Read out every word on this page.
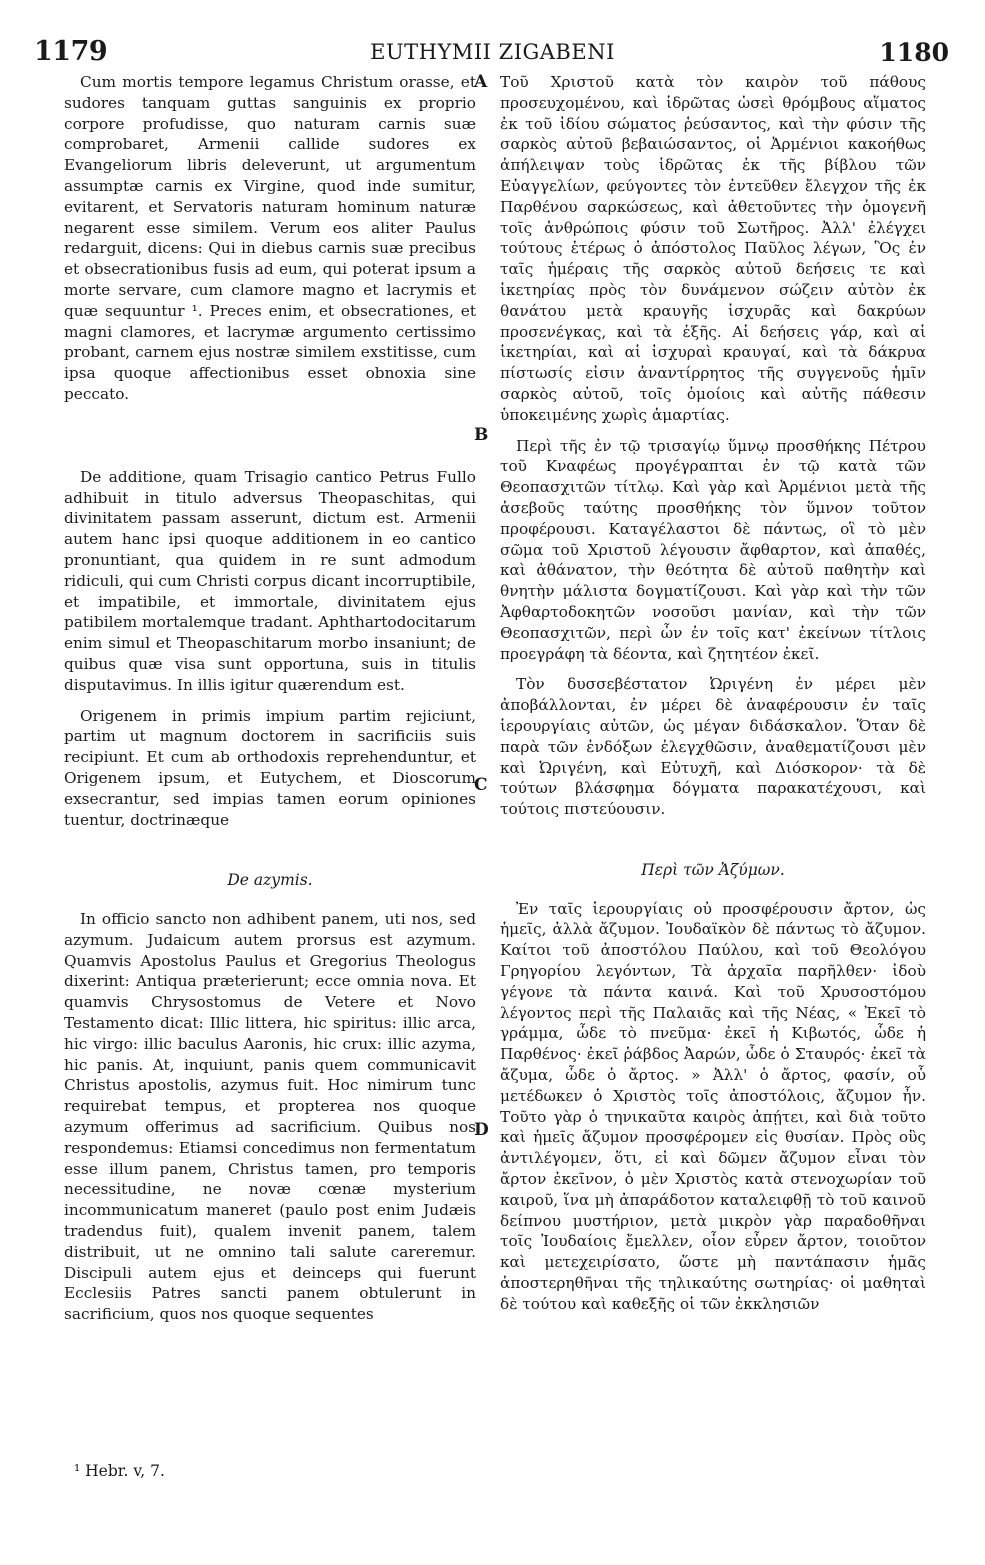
1179	EUTHYMII ZIGABENI	1180

Cum mortis tempore legamus Christum orasse, et sudores tanquam guttas sanguinis ex proprio corpore profudisse, quo naturam carnis suæ comprobaret, Armenii callide sudores ex Evangeliorum libris deleverunt, ut argumentum assumptæ carnis ex Virgine, quod inde sumitur, evitarent, et Servatoris naturam hominum naturæ negarent esse similem. Verum eos aliter Paulus redarguit, dicens: Qui in diebus carnis suæ precibus et obsecrationibus fusis ad eum, qui poterat ipsum a morte servare, cum clamore magno et lacrymis et quæ sequuntur ¹. Preces enim, et obsecrationes, et magni clamores, et lacrymæ argumento certissimo probant, carnem ejus nostræ similem exstitisse, cum ipsa quoque affectionibus esset obnoxia sine peccato.

De additione, quam Trisagio cantico Petrus Fullo adhibuit in titulo adversus Theopaschitas, qui divinitatem passam asserunt, dictum est. Armenii autem hanc ipsi quoque additionem in eo cantico pronuntiant, qua quidem in re sunt admodum ridiculi, qui cum Christi corpus dicant incorruptibile, et impatibile, et immortale, divinitatem ejus patibilem mortalemque tradant. Aphthartodocitarum enim simul et Theopaschitarum morbo insaniunt; de quibus quæ visa sunt opportuna, suis in titulis disputavimus. In illis igitur quærendum est.

Origenem in primis impium partim rejiciunt, partim ut magnum doctorem in sacrificiis suis recipiunt. Et cum ab orthodoxis reprehenduntur, et Origenem ipsum, et Eutychem, et Dioscorum exsecrantur, sed impias tamen eorum opiniones tuentur, doctrinæque

De azymis.

In officio sancto non adhibent panem, uti nos, sed azymum. Judaicum autem prorsus est azymum. Quamvis Apostolus Paulus et Gregorius Theologus dixerint: Antiqua præterierunt; ecce omnia nova. Et quamvis Chrysostomus de Vetere et Novo Testamento dicat: Illic littera, hic spiritus: illic arca, hic virgo: illic baculus Aaronis, hic crux: illic azyma, hic panis. At, inquiunt, panis quem communicavit Christus apostolis, azymus fuit. Hoc nimirum tunc requirebat tempus, et propterea nos quoque azymum offerimus ad sacrificium. Quibus nos respondemus: Etiamsi concedimus non fermentatum esse illum panem, Christus tamen, pro temporis necessitudine, ne novæ cœnæ mysterium incommunicatum maneret (paulo post enim Judæis tradendus fuit), qualem invenit panem, talem distribuit, ut ne omnino tali salute careremur. Discipuli autem ejus et deinceps qui fuerunt Ecclesiis Patres sancti panem obtulerunt in sacrificium, quos nos quoque sequentes

A
B
C
D

Τοῦ Χριστοῦ κατὰ τὸν καιρὸν τοῦ πάθους προσευχομένου, καὶ ἱδρῶτας ὡσεὶ θρόμβους αἵματος ἐκ τοῦ ἰδίου σώματος ῥεύσαντος, καὶ τὴν φύσιν τῆς σαρκὸς αὐτοῦ βεβαιώσαντος, οἱ Ἀρμένιοι κακοήθως ἀπήλειψαν τοὺς ἱδρῶτας ἐκ τῆς βίβλου τῶν Εὐαγγελίων, φεύγοντες τὸν ἐντεῦθεν ἔλεγχον τῆς ἐκ Παρθένου σαρκώσεως, καὶ ἀθετοῦντες τὴν ὁμογενῆ τοῖς ἀνθρώποις φύσιν τοῦ Σωτῆρος. Ἀλλ' ἐλέγχει τούτους ἑτέρως ὁ ἀπόστολος Παῦλος λέγων, Ὃς ἐν ταῖς ἡμέραις τῆς σαρκὸς αὐτοῦ δεήσεις τε καὶ ἱκετηρίας πρὸς τὸν δυνάμενον σώζειν αὐτὸν ἐκ θανάτου μετὰ κραυγῆς ἰσχυρᾶς καὶ δακρύων προσενέγκας, καὶ τὰ ἑξῆς. Αἱ δεήσεις γάρ, καὶ αἱ ἱκετηρίαι, καὶ αἱ ἰσχυραὶ κραυγαί, καὶ τὰ δάκρυα πίστωσίς εἰσιν ἀναντίρρητος τῆς συγγενοῦς ἡμῖν σαρκὸς αὐτοῦ, τοῖς ὁμοίοις καὶ αὐτῆς πάθεσιν ὑποκειμένης χωρὶς ἁμαρτίας.

Περὶ τῆς ἐν τῷ τρισαγίῳ ὕμνῳ προσθήκης Πέτρου τοῦ Κναφέως προγέγραπται ἐν τῷ κατὰ τῶν Θεοπασχιτῶν τίτλῳ. Καὶ γὰρ καὶ Ἀρμένιοι μετὰ τῆς ἀσεβοῦς ταύτης προσθήκης τὸν ὕμνον τοῦτον προφέρουσι. Καταγέλαστοι δὲ πάντως, οἳ τὸ μὲν σῶμα τοῦ Χριστοῦ λέγουσιν ἄφθαρτον, καὶ ἀπαθές, καὶ ἀθάνατον, τὴν θεότητα δὲ αὐτοῦ παθητὴν καὶ θνητὴν μάλιστα δογματίζουσι. Καὶ γὰρ καὶ τὴν τῶν Ἀφθαρτοδοκητῶν νοσοῦσι μανίαν, καὶ τὴν τῶν Θεοπασχιτῶν, περὶ ὧν ἐν τοῖς κατ' ἐκείνων τίτλοις προεγράφη τὰ δέοντα, καὶ ζητητέον ἐκεῖ.

Τὸν δυσσεβέστατον Ὠριγένη ἐν μέρει μὲν ἀποβάλλονται, ἐν μέρει δὲ ἀναφέρουσιν ἐν ταῖς ἱερουργίαις αὐτῶν, ὡς μέγαν διδάσκαλον. Ὅταν δὲ παρὰ τῶν ἐνδόξων ἐλεγχθῶσιν, ἀναθεματίζουσι μὲν καὶ Ὠριγένη, καὶ Εὐτυχῆ, καὶ Διόσκορον· τὰ δὲ τούτων βλάσφημα δόγματα παρακατέχουσι, καὶ τούτοις πιστεύουσιν.

Περὶ τῶν Ἀζύμων.

Ἐν ταῖς ἱερουργίαις οὐ προσφέρουσιν ἄρτον, ὡς ἡμεῖς, ἀλλὰ ἄζυμον. Ἰουδαϊκὸν δὲ πάντως τὸ ἄζυμον. Καίτοι τοῦ ἀποστόλου Παύλου, καὶ τοῦ Θεολόγου Γρηγορίου λεγόντων, Τὰ ἀρχαῖα παρῆλθεν· ἰδοὺ γέγονε τὰ πάντα καινά. Καὶ τοῦ Χρυσοστόμου λέγοντος περὶ τῆς Παλαιᾶς καὶ τῆς Νέας, « Ἐκεῖ τὸ γράμμα, ὧδε τὸ πνεῦμα· ἐκεῖ ἡ Κιβωτός, ὧδε ἡ Παρθένος· ἐκεῖ ῥάβδος Ἀαρών, ὧδε ὁ Σταυρός· ἐκεῖ τὰ ἄζυμα, ὧδε ὁ ἄρτος. » Ἀλλ' ὁ ἄρτος, φασίν, οὗ μετέδωκεν ὁ Χριστὸς τοῖς ἀποστόλοις, ἄζυμον ἦν. Τοῦτο γὰρ ὁ τηνικαῦτα καιρὸς ἀπῄτει, καὶ διὰ τοῦτο καὶ ἡμεῖς ἄζυμον προσφέρομεν εἰς θυσίαν. Πρὸς οὓς ἀντιλέγομεν, ὅτι, εἰ καὶ δῶμεν ἄζυμον εἶναι τὸν ἄρτον ἐκεῖνον, ὁ μὲν Χριστὸς κατὰ στενοχωρίαν τοῦ καιροῦ, ἵνα μὴ ἀπαράδοτον καταλειφθῇ τὸ τοῦ καινοῦ δείπνου μυστήριον, μετὰ μικρὸν γὰρ παραδοθῆναι τοῖς Ἰουδαίοις ἔμελλεν, οἷον εὗρεν ἄρτον, τοιοῦτον καὶ μετεχειρίσατο, ὥστε μὴ παντάπασιν ἡμᾶς ἀποστερηθῆναι τῆς τηλικαύτης σωτηρίας· οἱ μαθηταὶ δὲ τούτου καὶ καθεξῆς οἱ τῶν ἐκκλησιῶν

¹ Hebr. v, 7.
